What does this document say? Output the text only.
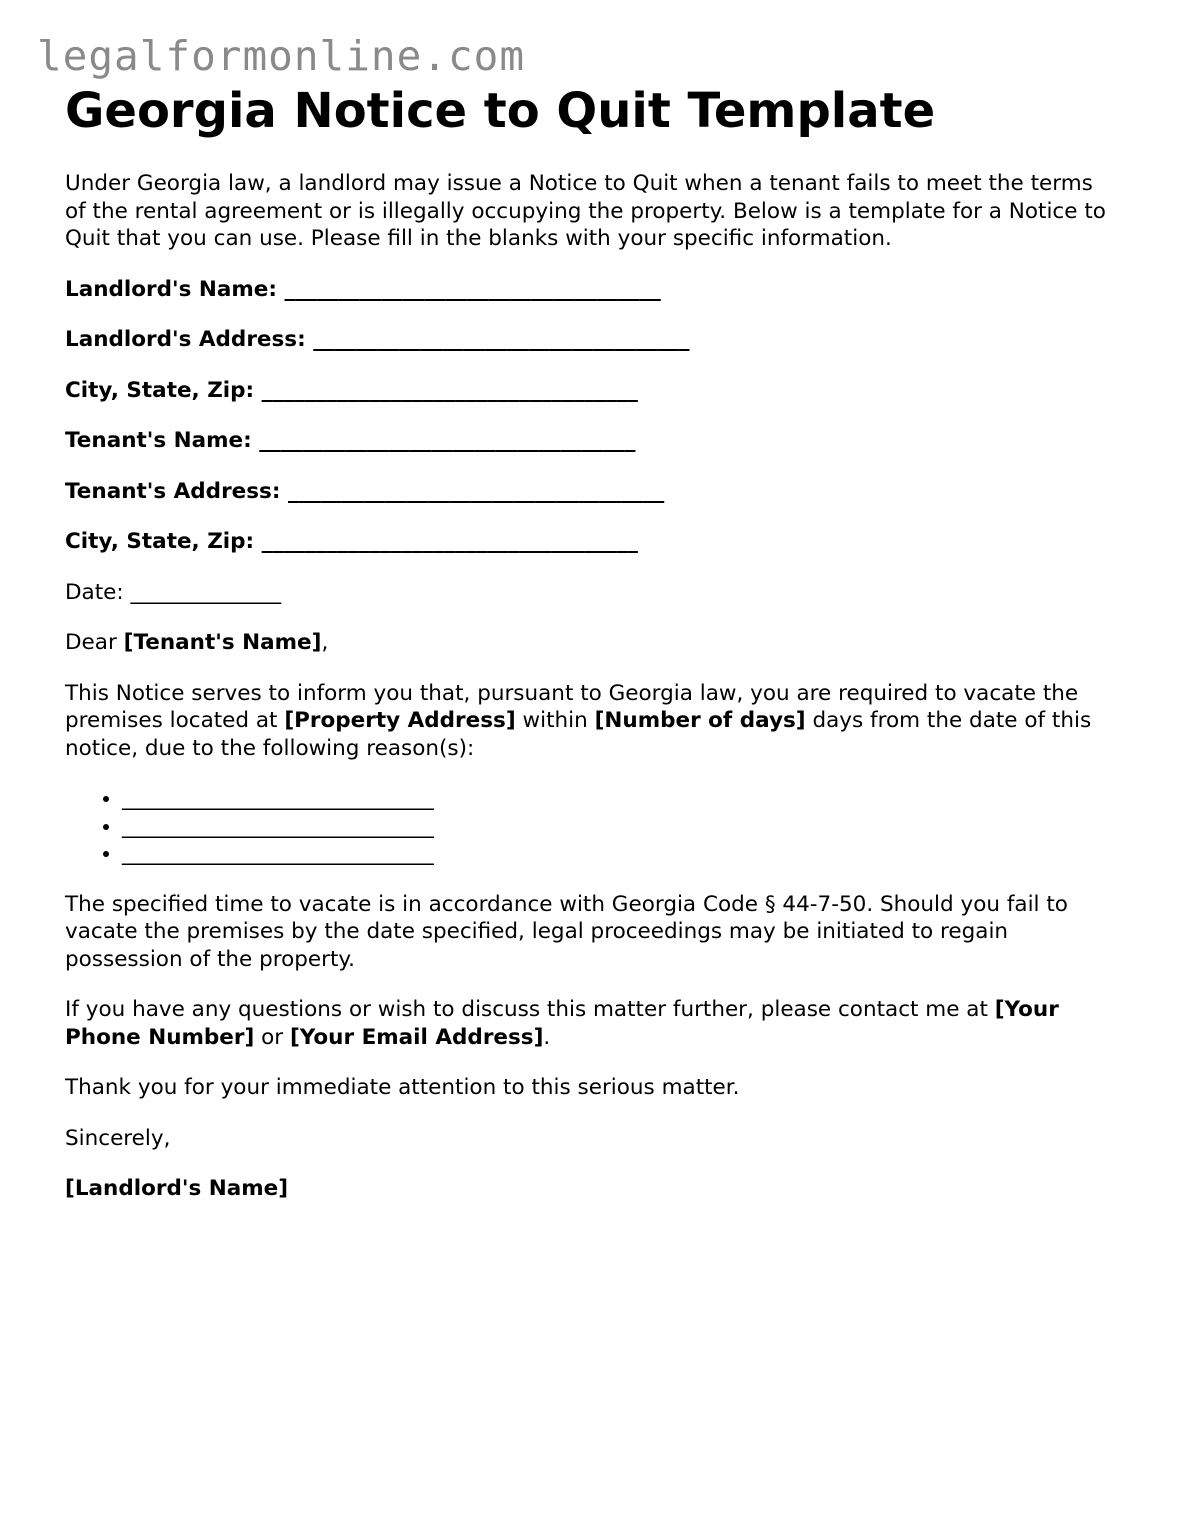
legalformonline.com
Georgia Notice to Quit Template

Under Georgia law, a landlord may issue a Notice to Quit when a tenant fails to meet the terms of the rental agreement or is illegally occupying the property. Below is a template for a Notice to Quit that you can use. Please fill in the blanks with your specific information.

Landlord's Name: ___________________________________

Landlord's Address: ___________________________________

City, State, Zip: ___________________________________

Tenant's Name: ___________________________________

Tenant's Address: ___________________________________

City, State, Zip: ___________________________________

Date: ______________

Dear [Tenant's Name],

This Notice serves to inform you that, pursuant to Georgia law, you are required to vacate the premises located at [Property Address] within [Number of days] days from the date of this notice, due to the following reason(s):

• _____________________________
• _____________________________
• _____________________________

The specified time to vacate is in accordance with Georgia Code § 44-7-50. Should you fail to vacate the premises by the date specified, legal proceedings may be initiated to regain possession of the property.

If you have any questions or wish to discuss this matter further, please contact me at [Your Phone Number] or [Your Email Address].

Thank you for your immediate attention to this serious matter.

Sincerely,

[Landlord's Name]
